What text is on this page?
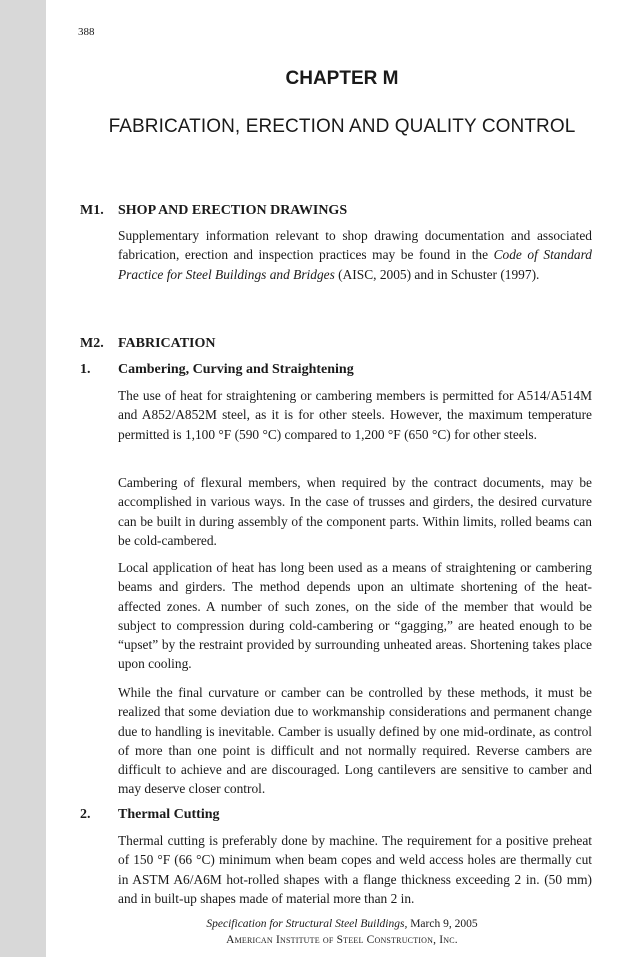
388
CHAPTER M
FABRICATION, ERECTION AND QUALITY CONTROL
M1. SHOP AND ERECTION DRAWINGS

Supplementary information relevant to shop drawing documentation and associated fabrication, erection and inspection practices may be found in the Code of Standard Practice for Steel Buildings and Bridges (AISC, 2005) and in Schuster (1997).

M2. FABRICATION
1. Cambering, Curving and Straightening

The use of heat for straightening or cambering members is permitted for A514/A514M and A852/A852M steel, as it is for other steels. However, the maximum temperature permitted is 1,100 °F (590 °C) compared to 1,200 °F (650 °C) for other steels.

Cambering of flexural members, when required by the contract documents, may be accomplished in various ways. In the case of trusses and girders, the desired curvature can be built in during assembly of the component parts. Within limits, rolled beams can be cold-cambered.

Local application of heat has long been used as a means of straightening or cambering beams and girders. The method depends upon an ultimate shortening of the heat-affected zones. A number of such zones, on the side of the member that would be subject to compression during cold-cambering or “gagging,” are heated enough to be “upset” by the restraint provided by surrounding unheated areas. Shortening takes place upon cooling.

While the final curvature or camber can be controlled by these methods, it must be realized that some deviation due to workmanship considerations and permanent change due to handling is inevitable. Camber is usually defined by one mid-ordinate, as control of more than one point is difficult and not normally required. Reverse cambers are difficult to achieve and are discouraged. Long cantilevers are sensitive to camber and may deserve closer control.

2. Thermal Cutting

Thermal cutting is preferably done by machine. The requirement for a positive preheat of 150 °F (66 °C) minimum when beam copes and weld access holes are thermally cut in ASTM A6/A6M hot-rolled shapes with a flange thickness exceeding 2 in. (50 mm) and in built-up shapes made of material more than 2 in.

Specification for Structural Steel Buildings, March 9, 2005
American Institute of Steel Construction, Inc.
